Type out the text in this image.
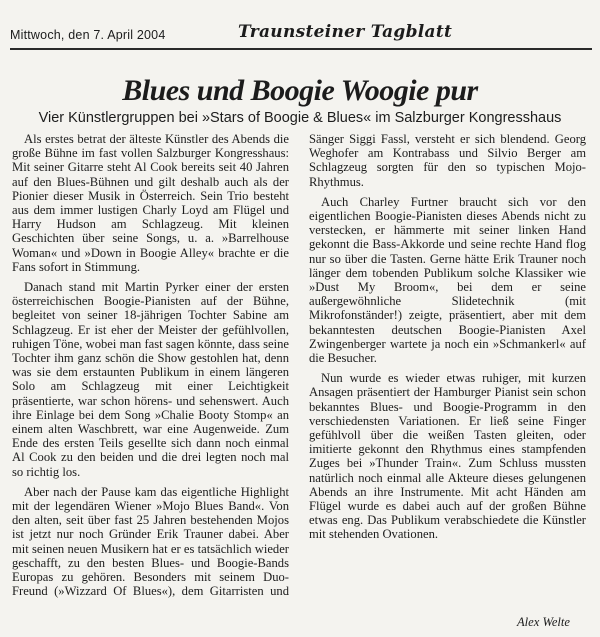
Mittwoch, den 7. April 2004	Traunsteiner Tagblatt
Blues und Boogie Woogie pur
Vier Künstlergruppen bei »Stars of Boogie & Blues« im Salzburger Kongresshaus

Als erstes betrat der älteste Künstler des Abends die große Bühne im fast vollen Salzburger Kongresshaus: Mit seiner Gitarre steht Al Cook bereits seit 40 Jahren auf den Blues-Bühnen und gilt deshalb auch als der Pionier dieser Musik in Österreich. Sein Trio besteht aus dem immer lustigen Charly Loyd am Flügel und Harry Hudson am Schlagzeug. Mit kleinen Geschichten über seine Songs, u. a. »Barrelhouse Woman« und »Down in Boogie Alley« brachte er die Fans sofort in Stimmung.

Danach stand mit Martin Pyrker einer der ersten österreichischen Boogie-Pianisten auf der Bühne, begleitet von seiner 18-jährigen Tochter Sabine am Schlagzeug. Er ist eher der Meister der gefühlvollen, ruhigen Töne, wobei man fast sagen könnte, dass seine Tochter ihm ganz schön die Show gestohlen hat, denn was sie dem erstaunten Publikum in einem längeren Solo am Schlagzeug mit einer Leichtigkeit präsentierte, war schon hörens- und sehenswert. Auch ihre Einlage bei dem Song »Chalie Booty Stomp« an einem alten Waschbrett, war eine Augenweide. Zum Ende des ersten Teils gesellte sich dann noch einmal Al Cook zu den beiden und die drei legten noch mal so richtig los.

Aber nach der Pause kam das eigentliche Highlight mit der legendären Wiener »Mojo Blues Band«. Von den alten, seit über fast 25 Jahren bestehenden Mojos ist jetzt nur noch Gründer Erik Trauner dabei. Aber mit seinen neuen Musikern hat er es tatsächlich wieder geschafft, zu den besten Blues- und Boogie-Bands Europas zu gehören. Besonders mit seinem Duo-Freund (»Wizzard Of Blues«), dem Gitarristen und Sänger Siggi Fassl, versteht er sich blendend. Georg Weghofer am Kontrabass und Silvio Berger am Schlagzeug sorgten für den so typischen Mojo-Rhythmus.

Auch Charley Furtner braucht sich vor den eigentlichen Boogie-Pianisten dieses Abends nicht zu verstecken, er hämmerte mit seiner linken Hand gekonnt die Bass-Akkorde und seine rechte Hand flog nur so über die Tasten. Gerne hätte Erik Trauner noch länger dem tobenden Publikum solche Klassiker wie »Dust My Broom«, bei dem er seine außergewöhnliche Slidetechnik (mit Mikrofonständer!) zeigte, präsentiert, aber mit dem bekanntesten deutschen Boogie-Pianisten Axel Zwingenberger wartete ja noch ein »Schmankerl« auf die Besucher.

Nun wurde es wieder etwas ruhiger, mit kurzen Ansagen präsentiert der Hamburger Pianist sein schon bekanntes Blues- und Boogie-Programm in den verschiedensten Variationen. Er ließ seine Finger gefühlvoll über die weißen Tasten gleiten, oder imitierte gekonnt den Rhythmus eines stampfenden Zuges bei »Thunder Train«. Zum Schluss mussten natürlich noch einmal alle Akteure dieses gelungenen Abends an ihre Instrumente. Mit acht Händen am Flügel wurde es dabei auch auf der großen Bühne etwas eng. Das Publikum verabschiedete die Künstler mit stehenden Ovationen.

Alex Welte
